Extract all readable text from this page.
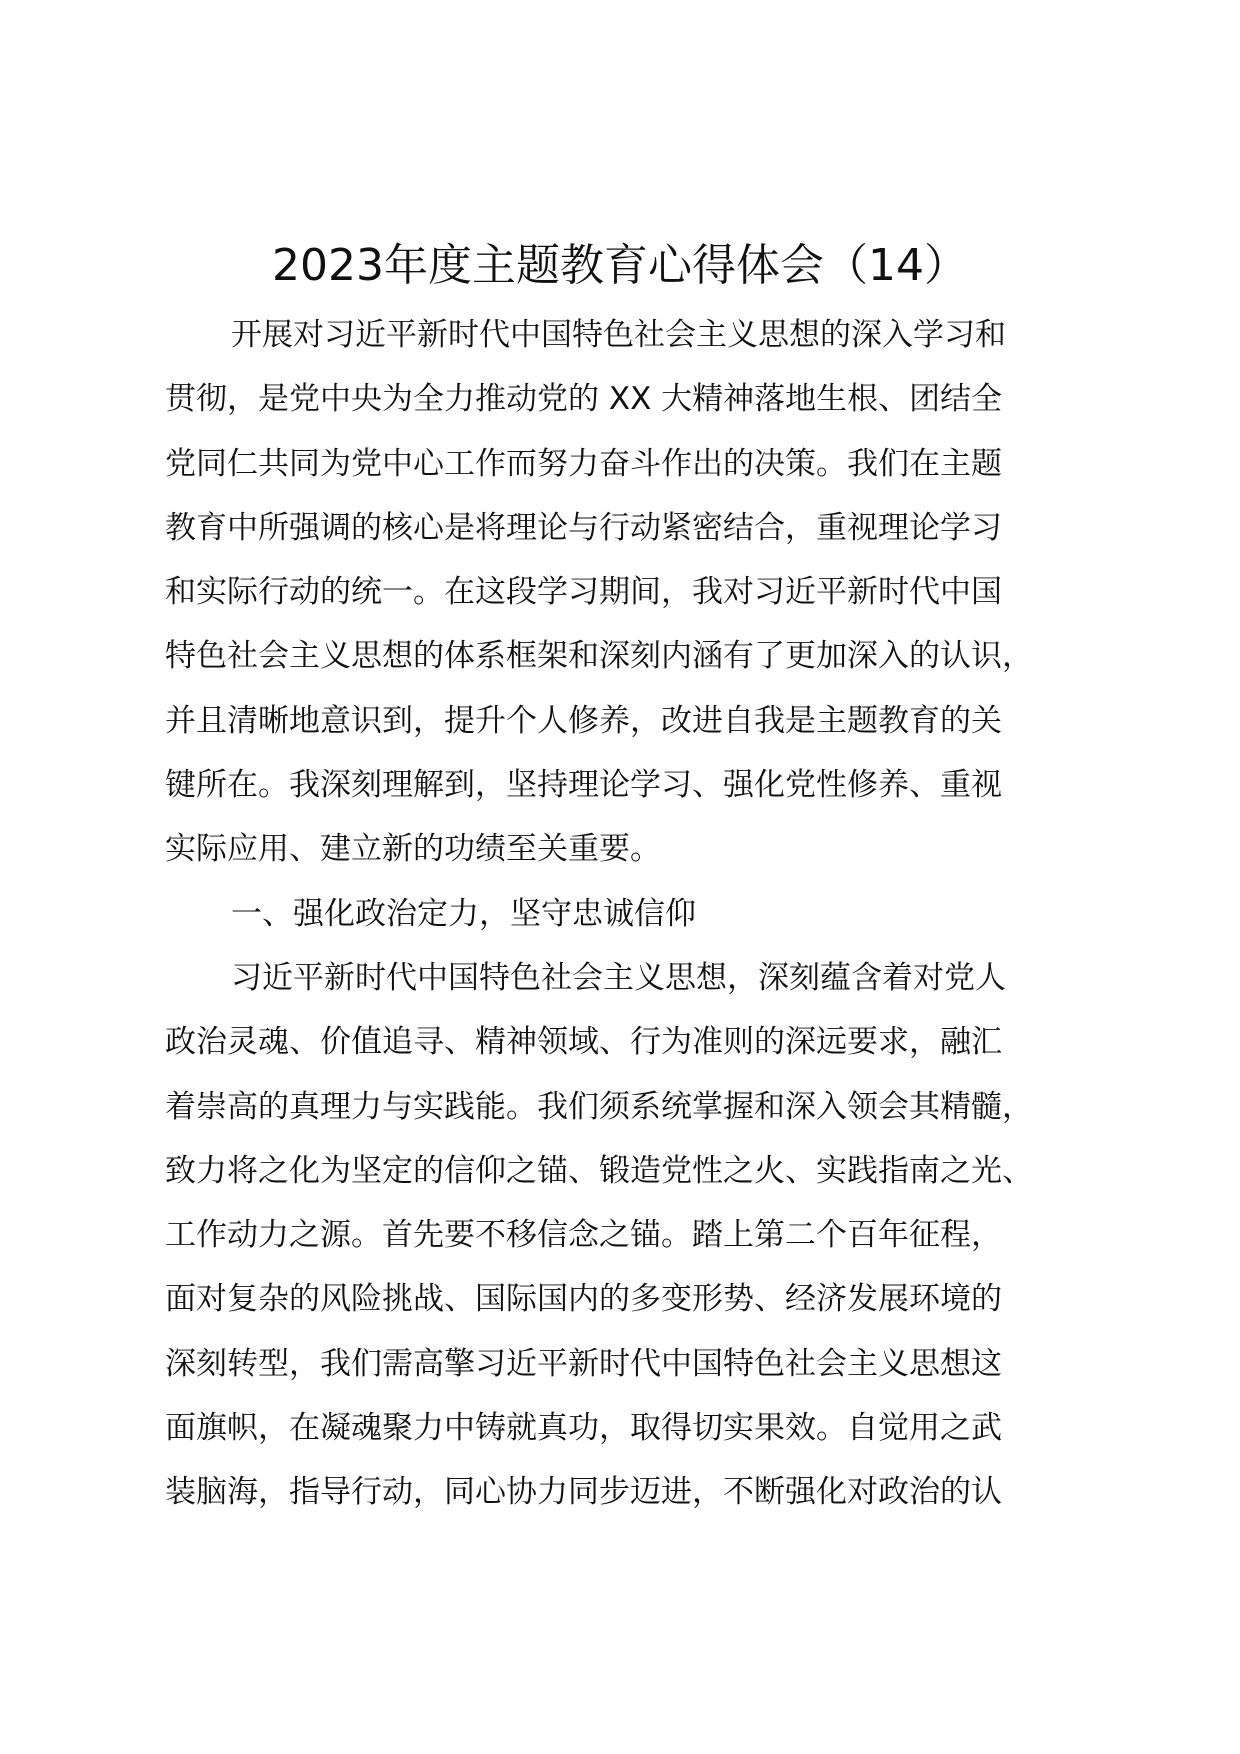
2023年度主题教育心得体会（14）
开展对习近平新时代中国特色社会主义思想的深入学习和
贯彻，是党中央为全力推动党的 XX 大精神落地生根、团结全
党同仁共同为党中心工作而努力奋斗作出的决策。我们在主题
教育中所强调的核心是将理论与行动紧密结合，重视理论学习
和实际行动的统一。在这段学习期间，我对习近平新时代中国
特色社会主义思想的体系框架和深刻内涵有了更加深入的认识，
并且清晰地意识到，提升个人修养，改进自我是主题教育的关
键所在。我深刻理解到，坚持理论学习、强化党性修养、重视
实际应用、建立新的功绩至关重要。
一、强化政治定力，坚守忠诚信仰
习近平新时代中国特色社会主义思想，深刻蕴含着对党人
政治灵魂、价值追寻、精神领域、行为准则的深远要求，融汇
着崇高的真理力与实践能。我们须系统掌握和深入领会其精髓，
致力将之化为坚定的信仰之锚、锻造党性之火、实践指南之光、
工作动力之源。首先要不移信念之锚。踏上第二个百年征程，
面对复杂的风险挑战、国际国内的多变形势、经济发展环境的
深刻转型，我们需高擎习近平新时代中国特色社会主义思想这
面旗帜，在凝魂聚力中铸就真功，取得切实果效。自觉用之武
装脑海，指导行动，同心协力同步迈进，不断强化对政治的认
